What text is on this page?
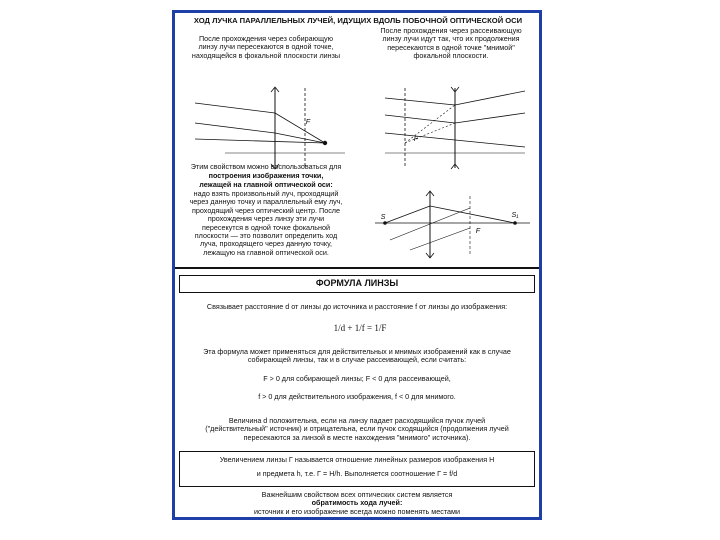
ХОД ЛУЧКА ПАРАЛЛЕЛЬНЫХ ЛУЧЕЙ, ИДУЩИХ ВДОЛЬ ПОБОЧНОЙ ОПТИЧЕСКОЙ ОСИ
После прохождения через собирающую
линзу лучи пересекаются в одной точке,
находящейся в фокальной плоскости линзы
После прохождения через рассеивающую
линзу лучи идут так, что их продолжения
пересекаются в одной точке "мнимой"
фокальной плоскости.
F
F
Этим свойством можно воспользоваться для
построения изображения точки,
лежащей на главной оптической оси:
надо взять произвольный луч, проходящий
через данную точку и параллельный ему луч,
проходящий через оптический центр. После
прохождения через линзу эти лучи
пересекутся в одной точке фокальной
плоскости — это позволит определить ход
луча, проходящего через данную точку,
лежащую на главной оптической оси.
S	S₁
F
ФОРМУЛА ЛИНЗЫ
Связывает расстояние d от линзы до источника и расстояние f от линзы до изображения:
1/d + 1/f = 1/F
Эта формула может применяться для действительных и мнимых изображений как в случае
собирающей линзы, так и в случае рассеивающей, если считать:
F > 0 для собирающей линзы; F < 0 для рассеивающей,
f > 0 для действительного изображения, f < 0 для мнимого.
Величина d положительна, если на линзу падает расходящийся пучок лучей
("действительный" источник) и отрицательна, если пучок сходящийся (продолжения лучей
пересекаются за линзой в месте нахождения "мнимого" источника).
Увеличением линзы Γ называется отношение линейных размеров изображения H
и предмета h, т.е. Γ = H/h. Выполняется соотношение Γ = f/d
Важнейшим свойством всех оптических систем является
обратимость хода лучей:
источник и его изображение всегда можно поменять местами
